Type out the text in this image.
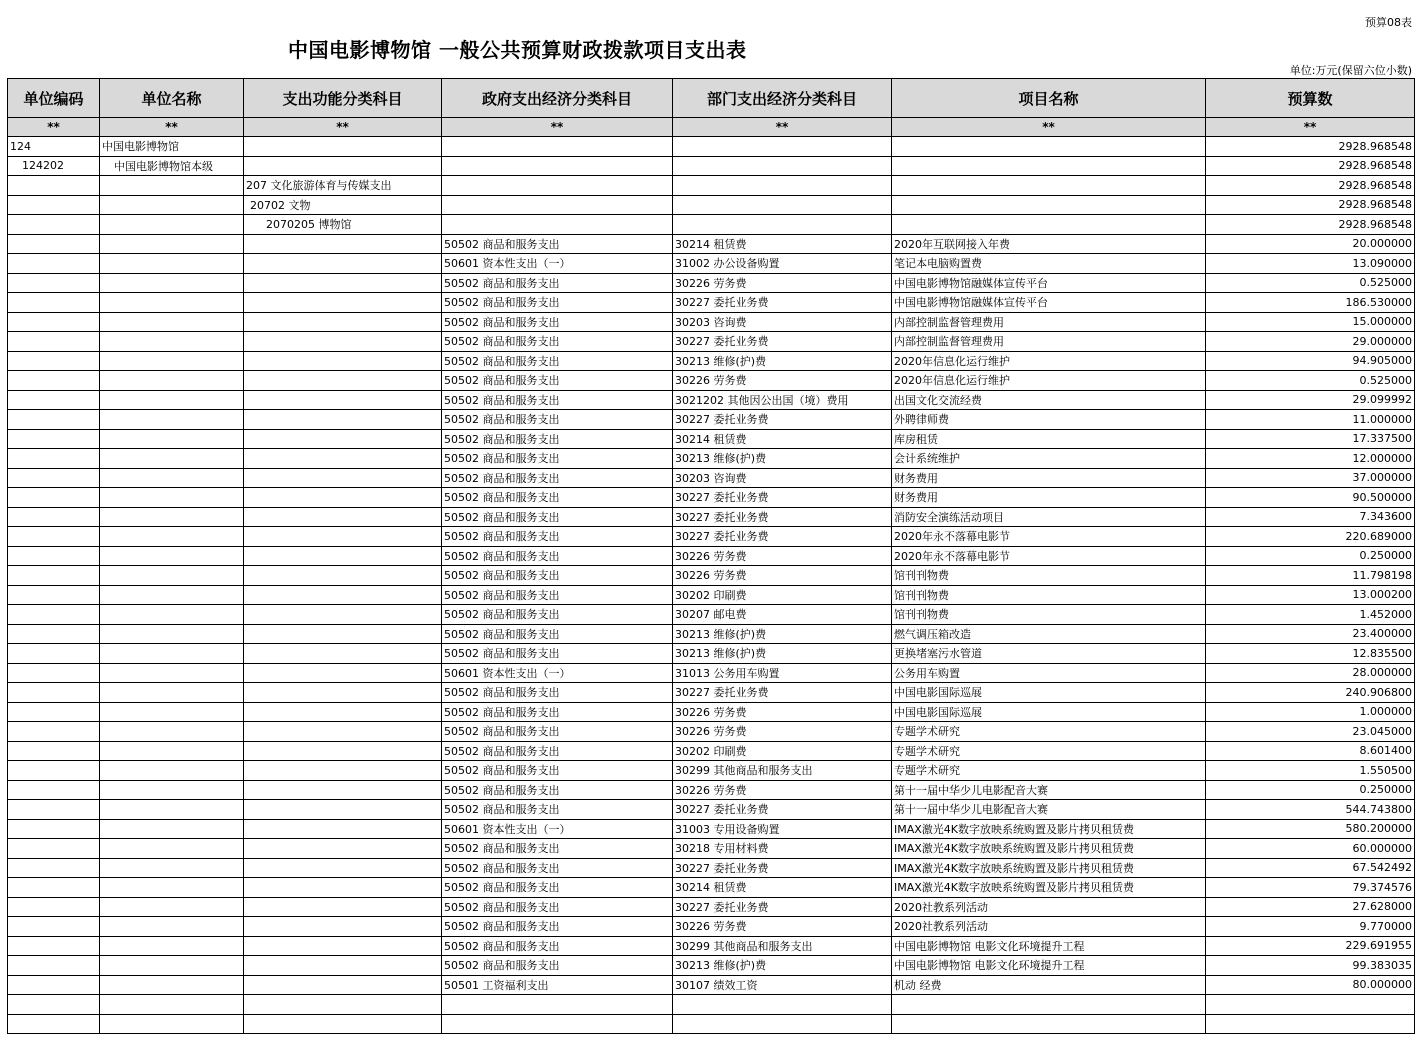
预算08表
中国电影博物馆 一般公共预算财政拨款项目支出表
单位:万元(保留六位小数)
单位编码	单位名称	支出功能分类科目	政府支出经济分类科目	部门支出经济分类科目	项目名称	预算数
**	**	**	**	**	**	**
124	中国电影博物馆					2928.968548
124202	中国电影博物馆本级					2928.968548
		207 文化旅游体育与传媒支出				2928.968548
		20702 文物				2928.968548
		2070205 博物馆				2928.968548
			50502 商品和服务支出	30214 租赁费	2020年互联网接入年费	20.000000
			50601 资本性支出（一）	31002 办公设备购置	笔记本电脑购置费	13.090000
			50502 商品和服务支出	30226 劳务费	中国电影博物馆融媒体宣传平台	0.525000
			50502 商品和服务支出	30227 委托业务费	中国电影博物馆融媒体宣传平台	186.530000
			50502 商品和服务支出	30203 咨询费	内部控制监督管理费用	15.000000
			50502 商品和服务支出	30227 委托业务费	内部控制监督管理费用	29.000000
			50502 商品和服务支出	30213 维修(护)费	2020年信息化运行维护	94.905000
			50502 商品和服务支出	30226 劳务费	2020年信息化运行维护	0.525000
			50502 商品和服务支出	3021202 其他因公出国（境）费用	出国文化交流经费	29.099992
			50502 商品和服务支出	30227 委托业务费	外聘律师费	11.000000
			50502 商品和服务支出	30214 租赁费	库房租赁	17.337500
			50502 商品和服务支出	30213 维修(护)费	会计系统维护	12.000000
			50502 商品和服务支出	30203 咨询费	财务费用	37.000000
			50502 商品和服务支出	30227 委托业务费	财务费用	90.500000
			50502 商品和服务支出	30227 委托业务费	消防安全演练活动项目	7.343600
			50502 商品和服务支出	30227 委托业务费	2020年永不落幕电影节	220.689000
			50502 商品和服务支出	30226 劳务费	2020年永不落幕电影节	0.250000
			50502 商品和服务支出	30226 劳务费	馆刊刊物费	11.798198
			50502 商品和服务支出	30202 印刷费	馆刊刊物费	13.000200
			50502 商品和服务支出	30207 邮电费	馆刊刊物费	1.452000
			50502 商品和服务支出	30213 维修(护)费	燃气调压箱改造	23.400000
			50502 商品和服务支出	30213 维修(护)费	更换堵塞污水管道	12.835500
			50601 资本性支出（一）	31013 公务用车购置	公务用车购置	28.000000
			50502 商品和服务支出	30227 委托业务费	中国电影国际巡展	240.906800
			50502 商品和服务支出	30226 劳务费	中国电影国际巡展	1.000000
			50502 商品和服务支出	30226 劳务费	专题学术研究	23.045000
			50502 商品和服务支出	30202 印刷费	专题学术研究	8.601400
			50502 商品和服务支出	30299 其他商品和服务支出	专题学术研究	1.550500
			50502 商品和服务支出	30226 劳务费	第十一届中华少儿电影配音大赛	0.250000
			50502 商品和服务支出	30227 委托业务费	第十一届中华少儿电影配音大赛	544.743800
			50601 资本性支出（一）	31003 专用设备购置	IMAX激光4K数字放映系统购置及影片拷贝租赁费	580.200000
			50502 商品和服务支出	30218 专用材料费	IMAX激光4K数字放映系统购置及影片拷贝租赁费	60.000000
			50502 商品和服务支出	30227 委托业务费	IMAX激光4K数字放映系统购置及影片拷贝租赁费	67.542492
			50502 商品和服务支出	30214 租赁费	IMAX激光4K数字放映系统购置及影片拷贝租赁费	79.374576
			50502 商品和服务支出	30227 委托业务费	2020社教系列活动	27.628000
			50502 商品和服务支出	30226 劳务费	2020社教系列活动	9.770000
			50502 商品和服务支出	30299 其他商品和服务支出	中国电影博物馆 电影文化环境提升工程	229.691955
			50502 商品和服务支出	30213 维修(护)费	中国电影博物馆 电影文化环境提升工程	99.383035
			50501 工资福利支出	30107 绩效工资	机动 经费	80.000000
